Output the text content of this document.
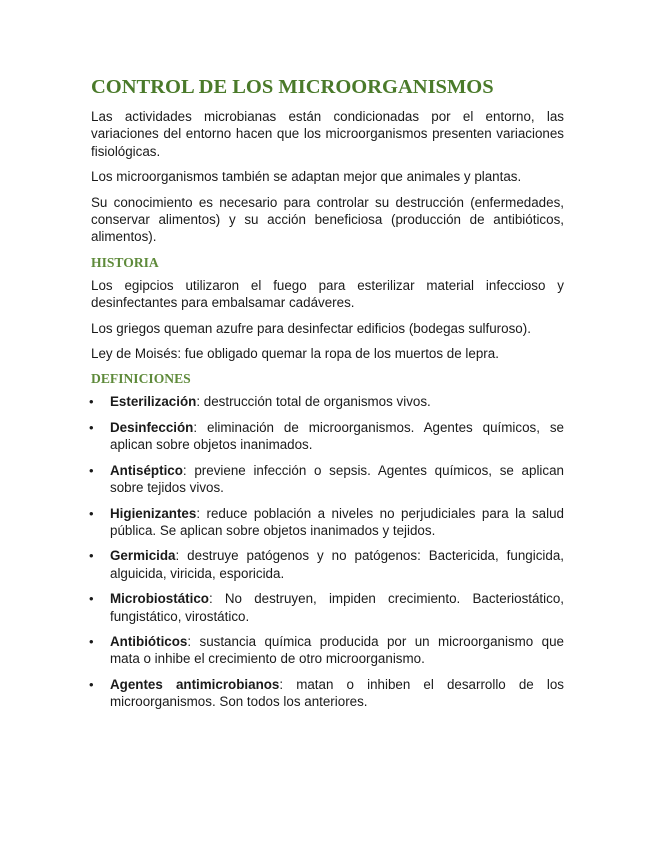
CONTROL DE LOS MICROORGANISMOS

Las actividades microbianas están condicionadas por el entorno, las variaciones del entorno hacen que los microorganismos presenten variaciones fisiológicas.

Los microorganismos también se adaptan mejor que animales y plantas.

Su conocimiento es necesario para controlar su destrucción (enfermedades, conservar alimentos) y su acción beneficiosa (producción de antibióticos, alimentos).

HISTORIA

Los egipcios utilizaron el fuego para esterilizar material infeccioso y desinfectantes para embalsamar cadáveres.

Los griegos queman azufre para desinfectar edificios (bodegas sulfuroso).

Ley de Moisés: fue obligado quemar la ropa de los muertos de lepra.

DEFINICIONES
• Esterilización: destrucción total de organismos vivos.
• Desinfección: eliminación de microorganismos. Agentes químicos, se aplican sobre objetos inanimados.
• Antiséptico: previene infección o sepsis. Agentes químicos, se aplican sobre tejidos vivos.
• Higienizantes: reduce población a niveles no perjudiciales para la salud pública. Se aplican sobre objetos inanimados y tejidos.
• Germicida: destruye patógenos y no patógenos: Bactericida, fungicida, alguicida, viricida, esporicida.
• Microbiostático: No destruyen, impiden crecimiento. Bacteriostático, fungistático, virostático.
• Antibióticos: sustancia química producida por un microorganismo que mata o inhibe el crecimiento de otro microorganismo.
• Agentes antimicrobianos: matan o inhiben el desarrollo de los microorganismos. Son todos los anteriores.
